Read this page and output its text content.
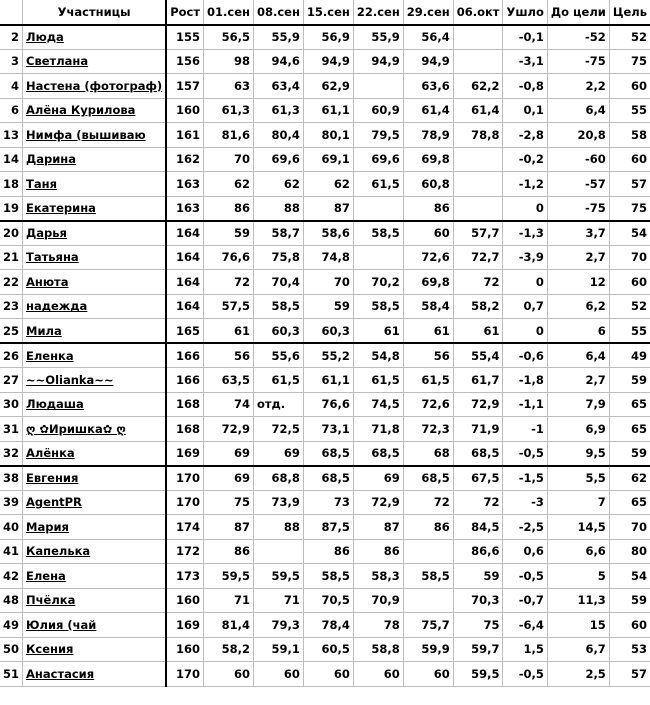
	Участницы	Рост	01.сен	08.сен	15.сен	22.сен	29.сен	06.окт	Ушло	До цели	Цель
2	Люда	155	56,5	55,9	56,9	55,9	56,4		-0,1	-52	52
3	Светлана	156	98	94,6	94,9	94,9	94,9		-3,1	-75	75
4	Настена (фотограф)	157	63	63,4	62,9		63,6	62,2	-0,8	2,2	60
6	Алёна Курилова	160	61,3	61,3	61,1	60,9	61,4	61,4	0,1	6,4	55
13	Нимфа (вышиваю	161	81,6	80,4	80,1	79,5	78,9	78,8	-2,8	20,8	58
14	Дарина	162	70	69,6	69,1	69,6	69,8		-0,2	-60	60
18	Таня	163	62	62	62	61,5	60,8		-1,2	-57	57
19	Екатерина	163	86	88	87		86		0	-75	75
20	Дарья	164	59	58,7	58,6	58,5	60	57,7	-1,3	3,7	54
21	Татьяна	164	76,6	75,8	74,8		72,6	72,7	-3,9	2,7	70
22	Анюта	164	72	70,4	70	70,2	69,8	72	0	12	60
23	надежда	164	57,5	58,5	59	58,5	58,4	58,2	0,7	6,2	52
25	Мила	165	61	60,3	60,3	61	61	61	0	6	55
26	Еленка	166	56	55,6	55,2	54,8	56	55,4	-0,6	6,4	49
27	~~Olianka~~	166	63,5	61,5	61,1	61,5	61,5	61,7	-1,8	2,7	59
30	Людаша	168	74	отд.	76,6	74,5	72,6	72,9	-1,1	7,9	65
31	ღ ✿Иришка✿ ღ	168	72,9	72,5	73,1	71,8	72,3	71,9	-1	6,9	65
32	Алёнка	169	69	69	68,5	68,5	68	68,5	-0,5	9,5	59
38	Евгения	170	69	68,8	68,5	69	68,5	67,5	-1,5	5,5	62
39	AgentPR	170	75	73,9	73	72,9	72	72	-3	7	65
40	Мария	174	87	88	87,5	87	86	84,5	-2,5	14,5	70
41	Капелька	172	86		86	86		86,6	0,6	6,6	80
42	Елена	173	59,5	59,5	58,5	58,3	58,5	59	-0,5	5	54
48	Пчёлка	160	71	71	70,5	70,9		70,3	-0,7	11,3	59
49	Юлия (чай	169	81,4	79,3	78,4	78	75,7	75	-6,4	15	60
50	Ксения	160	58,2	59,1	60,5	58,8	59,9	59,7	1,5	6,7	53
51	Анастасия	170	60	60	60	60	60	59,5	-0,5	2,5	57
